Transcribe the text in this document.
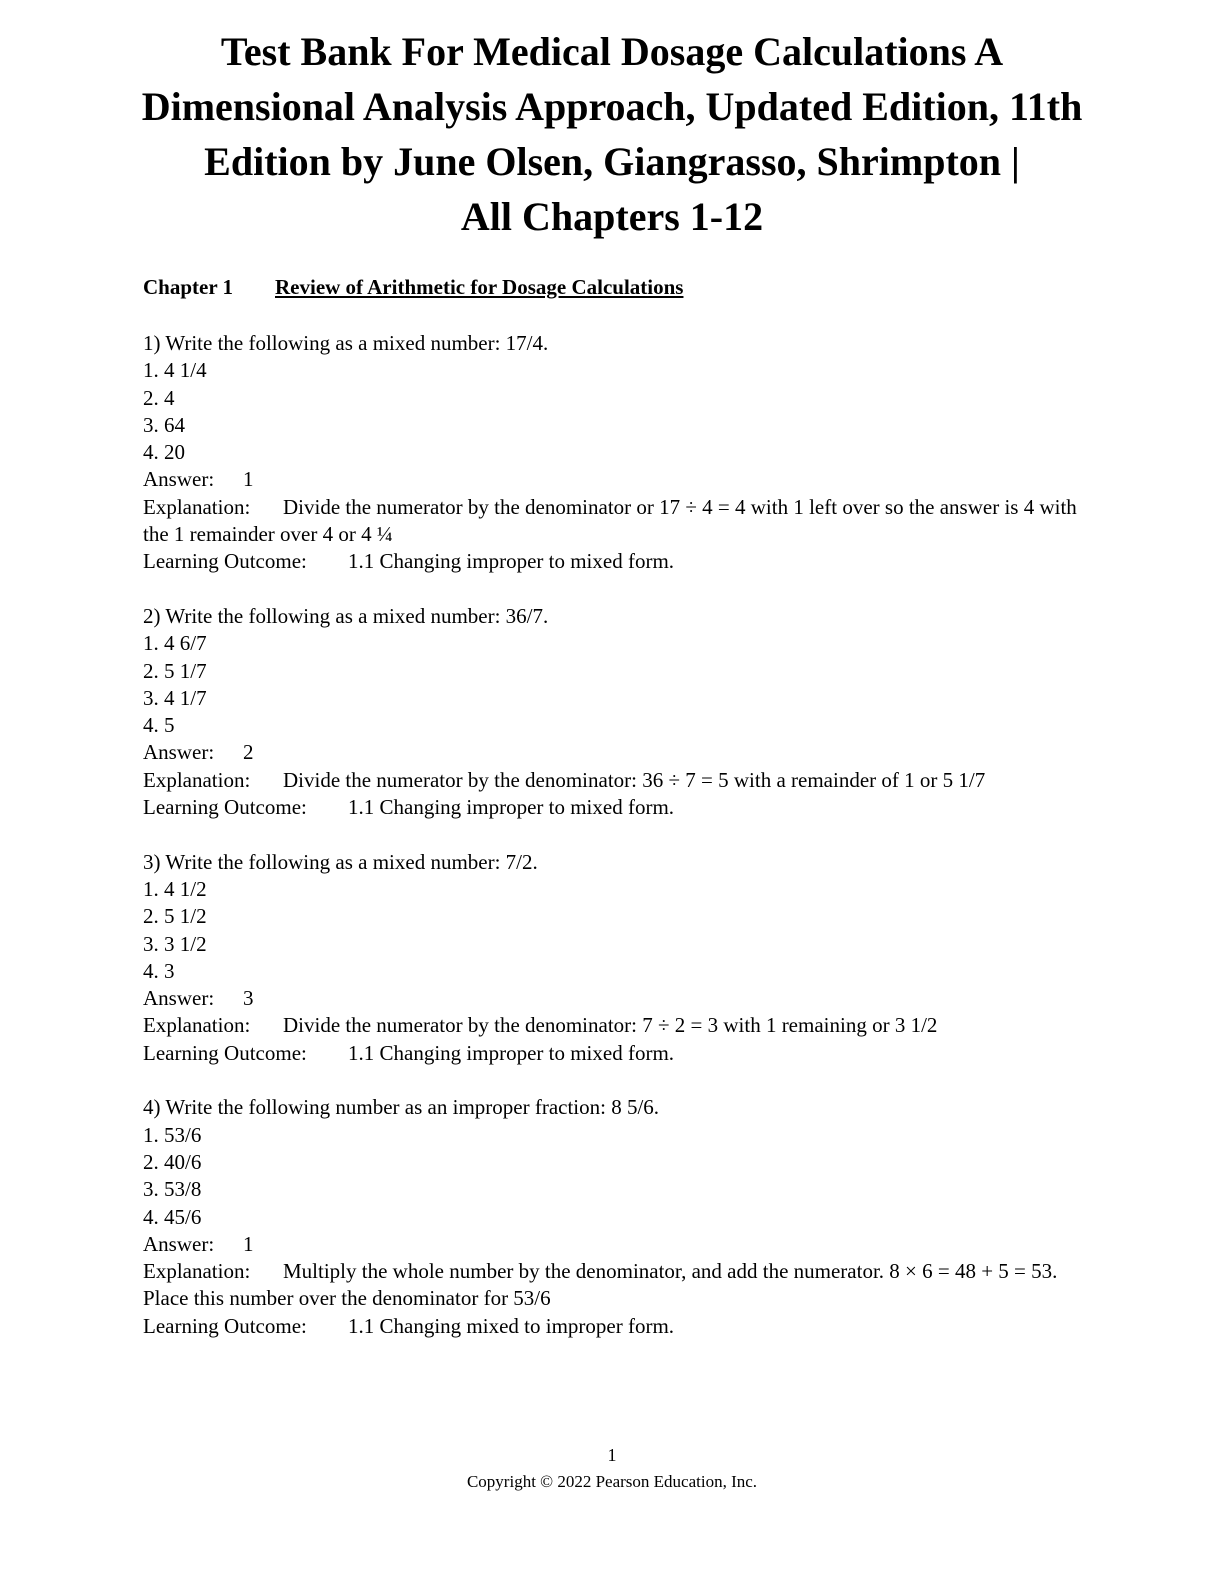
Test Bank For Medical Dosage Calculations A
Dimensional Analysis Approach, Updated Edition, 11th
Edition by June Olsen, Giangrasso, Shrimpton |
All Chapters 1-12
Chapter 1 Review of Arithmetic for Dosage Calculations
1) Write the following as a mixed number: 17/4.
1. 4 1/4
2. 4
3. 64
4. 20
Answer: 1
Explanation: Divide the numerator by the denominator or 17 ÷ 4 = 4 with 1 left over so the answer is 4 with the 1 remainder over 4 or 4 ¼
Learning Outcome: 1.1 Changing improper to mixed form.
2) Write the following as a mixed number: 36/7.
1. 4 6/7
2. 5 1/7
3. 4 1/7
4. 5
Answer: 2
Explanation: Divide the numerator by the denominator: 36 ÷ 7 = 5 with a remainder of 1 or 5 1/7
Learning Outcome: 1.1 Changing improper to mixed form.
3) Write the following as a mixed number: 7/2.
1. 4 1/2
2. 5 1/2
3. 3 1/2
4. 3
Answer: 3
Explanation: Divide the numerator by the denominator: 7 ÷ 2 = 3 with 1 remaining or 3 1/2
Learning Outcome: 1.1 Changing improper to mixed form.
4) Write the following number as an improper fraction: 8 5/6.
1. 53/6
2. 40/6
3. 53/8
4. 45/6
Answer: 1
Explanation: Multiply the whole number by the denominator, and add the numerator. 8 × 6 = 48 + 5 = 53. Place this number over the denominator for 53/6
Learning Outcome: 1.1 Changing mixed to improper form.
1
Copyright © 2022 Pearson Education, Inc.
